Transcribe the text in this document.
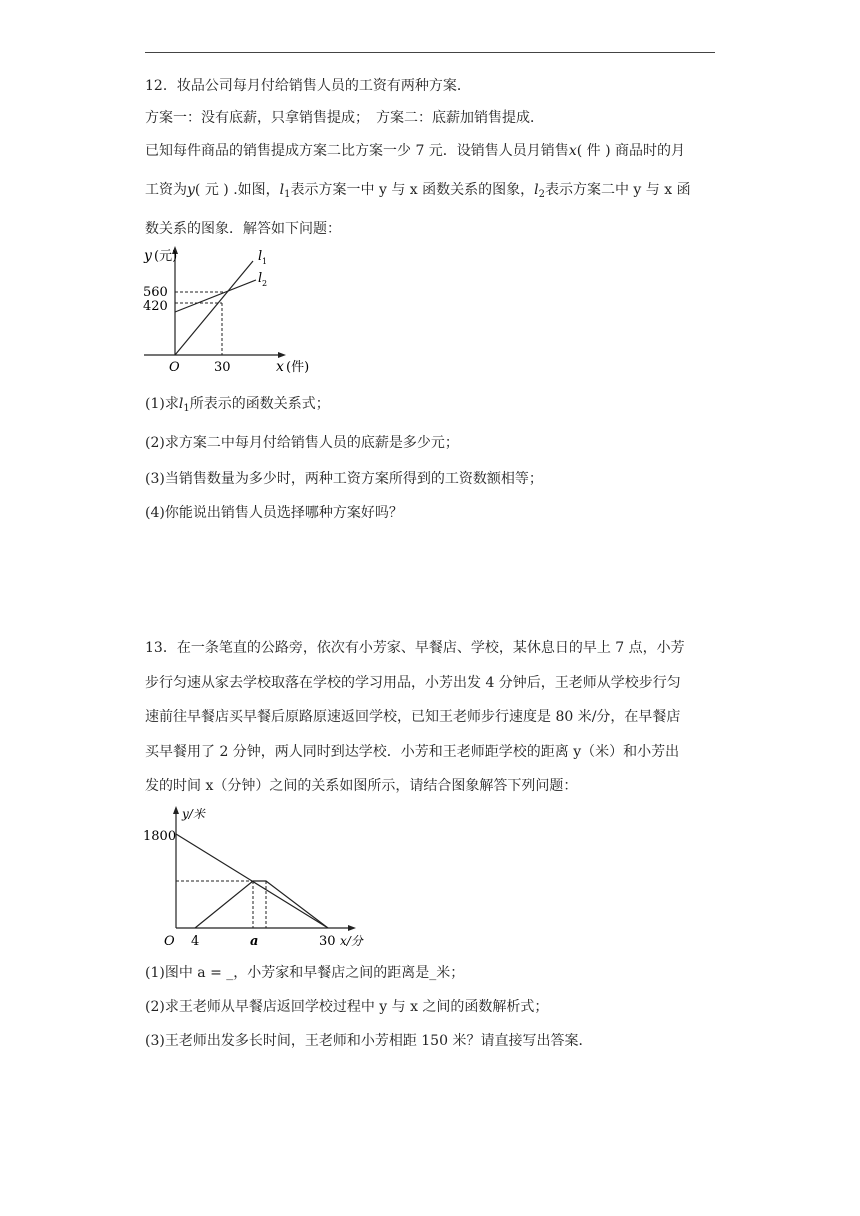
12．妆品公司每月付给销售人员的工资有两种方案．
方案一：没有底薪，只拿销售提成；　方案二：底薪加销售提成．
已知每件商品的销售提成方案二比方案一少 7 元．设销售人员月销售x( 件 ) 商品时的月
工资为y( 元 ) .如图，$l_1$表示方案一中 y 与 x 函数关系的图象，$l_2$表示方案二中 y 与 x 函
数关系的图象．解答如下问题：
y (元)
560
420
O	30	x (件)
l 1
l 2
(1)求$l_1$所表示的函数关系式；
(2)求方案二中每月付给销售人员的底薪是多少元；
(3)当销售数量为多少时，两种工资方案所得到的工资数额相等；
(4)你能说出销售人员选择哪种方案好吗？
13．在一条笔直的公路旁，依次有小芳家、早餐店、学校，某休息日的早上 7 点，小芳
步行匀速从家去学校取落在学校的学习用品，小芳出发 4 分钟后，王老师从学校步行匀
速前往早餐店买早餐后原路原速返回学校，已知王老师步行速度是 80 米/分，在早餐店
买早餐用了 2 分钟，两人同时到达学校．小芳和王老师距学校的距离 y（米）和小芳出
发的时间 x（分钟）之间的关系如图所示，请结合图象解答下列问题：
y/米
1800
O 4	a	30 x/分
(1)图中 a = _，小芳家和早餐店之间的距离是_米；
(2)求王老师从早餐店返回学校过程中 y 与 x 之间的函数解析式；
(3)王老师出发多长时间，王老师和小芳相距 150 米？请直接写出答案．
